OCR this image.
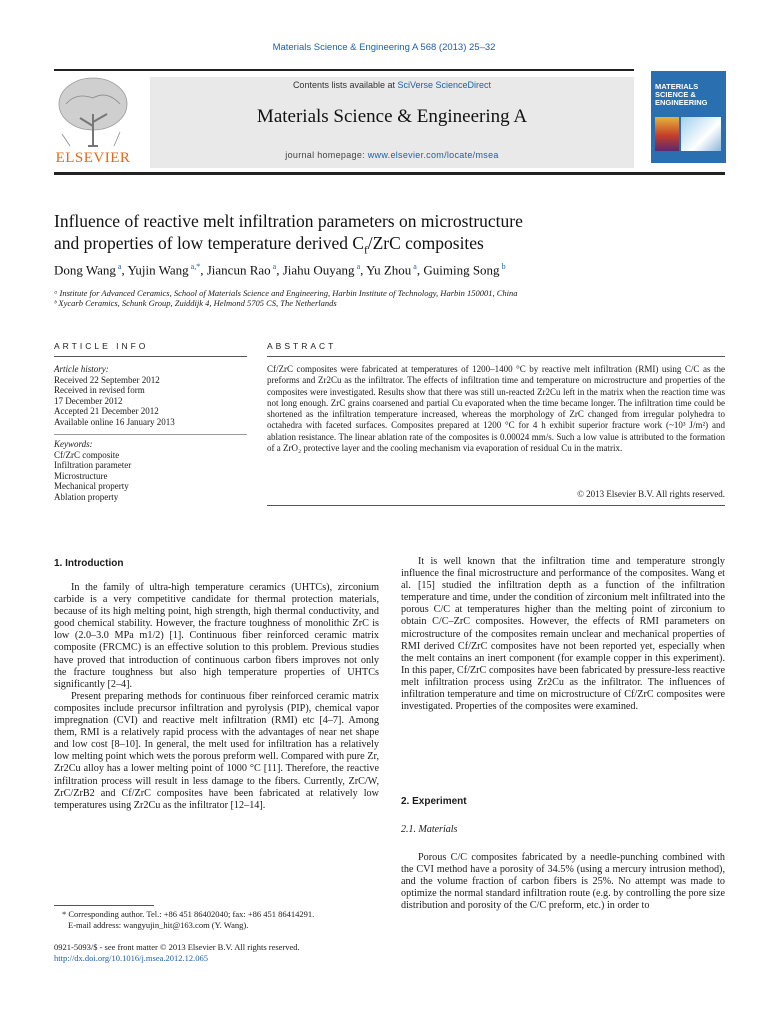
Materials Science & Engineering A 568 (2013) 25–32
ELSEVIER
Contents lists available at SciVerse ScienceDirect
Materials Science & Engineering A
journal homepage: www.elsevier.com/locate/msea
MATERIALS SCIENCE & ENGINEERING
Influence of reactive melt infiltration parameters on microstructure
and properties of low temperature derived $C_f$/ZrC composites
Dong Wang $^a$, Yujin Wang $^{a,*}$, Jiancun Rao $^a$, Jiahu Ouyang $^a$, Yu Zhou $^a$, Guiming Song $^b$
ᵃ Institute for Advanced Ceramics, School of Materials Science and Engineering, Harbin Institute of Technology, Harbin 150001, China
ᵇ Xycarb Ceramics, Schunk Group, Zuiddijk 4, Helmond 5705 CS, The Netherlands
ARTICLE INFO
Article history:
Received 22 September 2012
Received in revised form
17 December 2012
Accepted 21 December 2012
Available online 16 January 2013
Keywords:
Cf/ZrC composite
Infiltration parameter
Microstructure
Mechanical property
Ablation property
ABSTRACT
Cf/ZrC composites were fabricated at temperatures of 1200–1400 °C by reactive melt infiltration (RMI) using C/C as the preforms and Zr2Cu as the infiltrator. The effects of infiltration time and temperature on microstructure and properties of the composites were investigated. Results show that there was still un-reacted Zr2Cu left in the matrix when the reaction time was not long enough. ZrC grains coarsened and partial Cu evaporated when the time became longer. The infiltration time could be shortened as the infiltration temperature increased, whereas the morphology of ZrC changed from irregular polyhedra to octahedra with faceted surfaces. Composites prepared at 1200 °C for 4 h exhibit superior fracture work (~10³ J/m²) and ablation resistance. The linear ablation rate of the composites is 0.00024 mm/s. Such a low value is attributed to the formation of a ZrO₂ protective layer and the cooling mechanism via evaporation of residual Cu in the matrix.
© 2013 Elsevier B.V. All rights reserved.
1. Introduction

In the family of ultra-high temperature ceramics (UHTCs), zirconium carbide is a very competitive candidate for thermal protection materials, because of its high melting point, high strength, high thermal conductivity, and good chemical stability. However, the fracture toughness of monolithic ZrC is low (2.0–3.0 MPa m1/2) [1]. Continuous fiber reinforced ceramic matrix composite (FRCMC) is an effective solution to this problem. Previous studies have proved that introduction of continuous carbon fibers improves not only the fracture toughness but also high temperature properties of UHTCs significantly [2–4].

Present preparing methods for continuous fiber reinforced ceramic matrix composites include precursor infiltration and pyrolysis (PIP), chemical vapor impregnation (CVI) and reactive melt infiltration (RMI) etc [4–7]. Among them, RMI is a relatively rapid process with the advantages of near net shape and low cost [8–10]. In general, the melt used for infiltration has a relatively low melting point which wets the porous preform well. Compared with pure Zr, Zr2Cu alloy has a lower melting point of 1000 °C [11]. Therefore, the reactive infiltration process will result in less damage to the fibers. Currently, ZrC/W, ZrC/ZrB2 and Cf/ZrC composites have been fabricated at relatively low temperatures using Zr2Cu as the infiltrator [12–14].

It is well known that the infiltration time and temperature strongly influence the final microstructure and performance of the composites. Wang et al. [15] studied the infiltration depth as a function of the infiltration temperature and time, under the condition of zirconium melt infiltrated into the porous C/C at temperatures higher than the melting point of zirconium to obtain C/C–ZrC composites. However, the effects of RMI parameters on microstructure of the composites remain unclear and mechanical properties of RMI derived Cf/ZrC composites have not been reported yet, especially when the melt contains an inert component (for example copper in this experiment). In this paper, Cf/ZrC composites have been fabricated by pressure-less reactive melt infiltration process using Zr2Cu as the infiltrator. The influences of infiltration temperature and time on microstructure of Cf/ZrC composites were investigated. Properties of the composites were examined.

2. Experiment
2.1. Materials

Porous C/C composites fabricated by a needle-punching combined with the CVI method have a porosity of 34.5% (using a mercury intrusion method), and the volume fraction of carbon fibers is 25%. No attempt was made to optimize the normal standard infiltration route (e.g. by controlling the pore size distribution and porosity of the C/C preform, etc.) in order to

* Corresponding author. Tel.: +86 451 86402040; fax: +86 451 86414291.
E-mail address: wangyujin_hit@163.com (Y. Wang).
0921-5093/$ - see front matter © 2013 Elsevier B.V. All rights reserved.
http://dx.doi.org/10.1016/j.msea.2012.12.065
